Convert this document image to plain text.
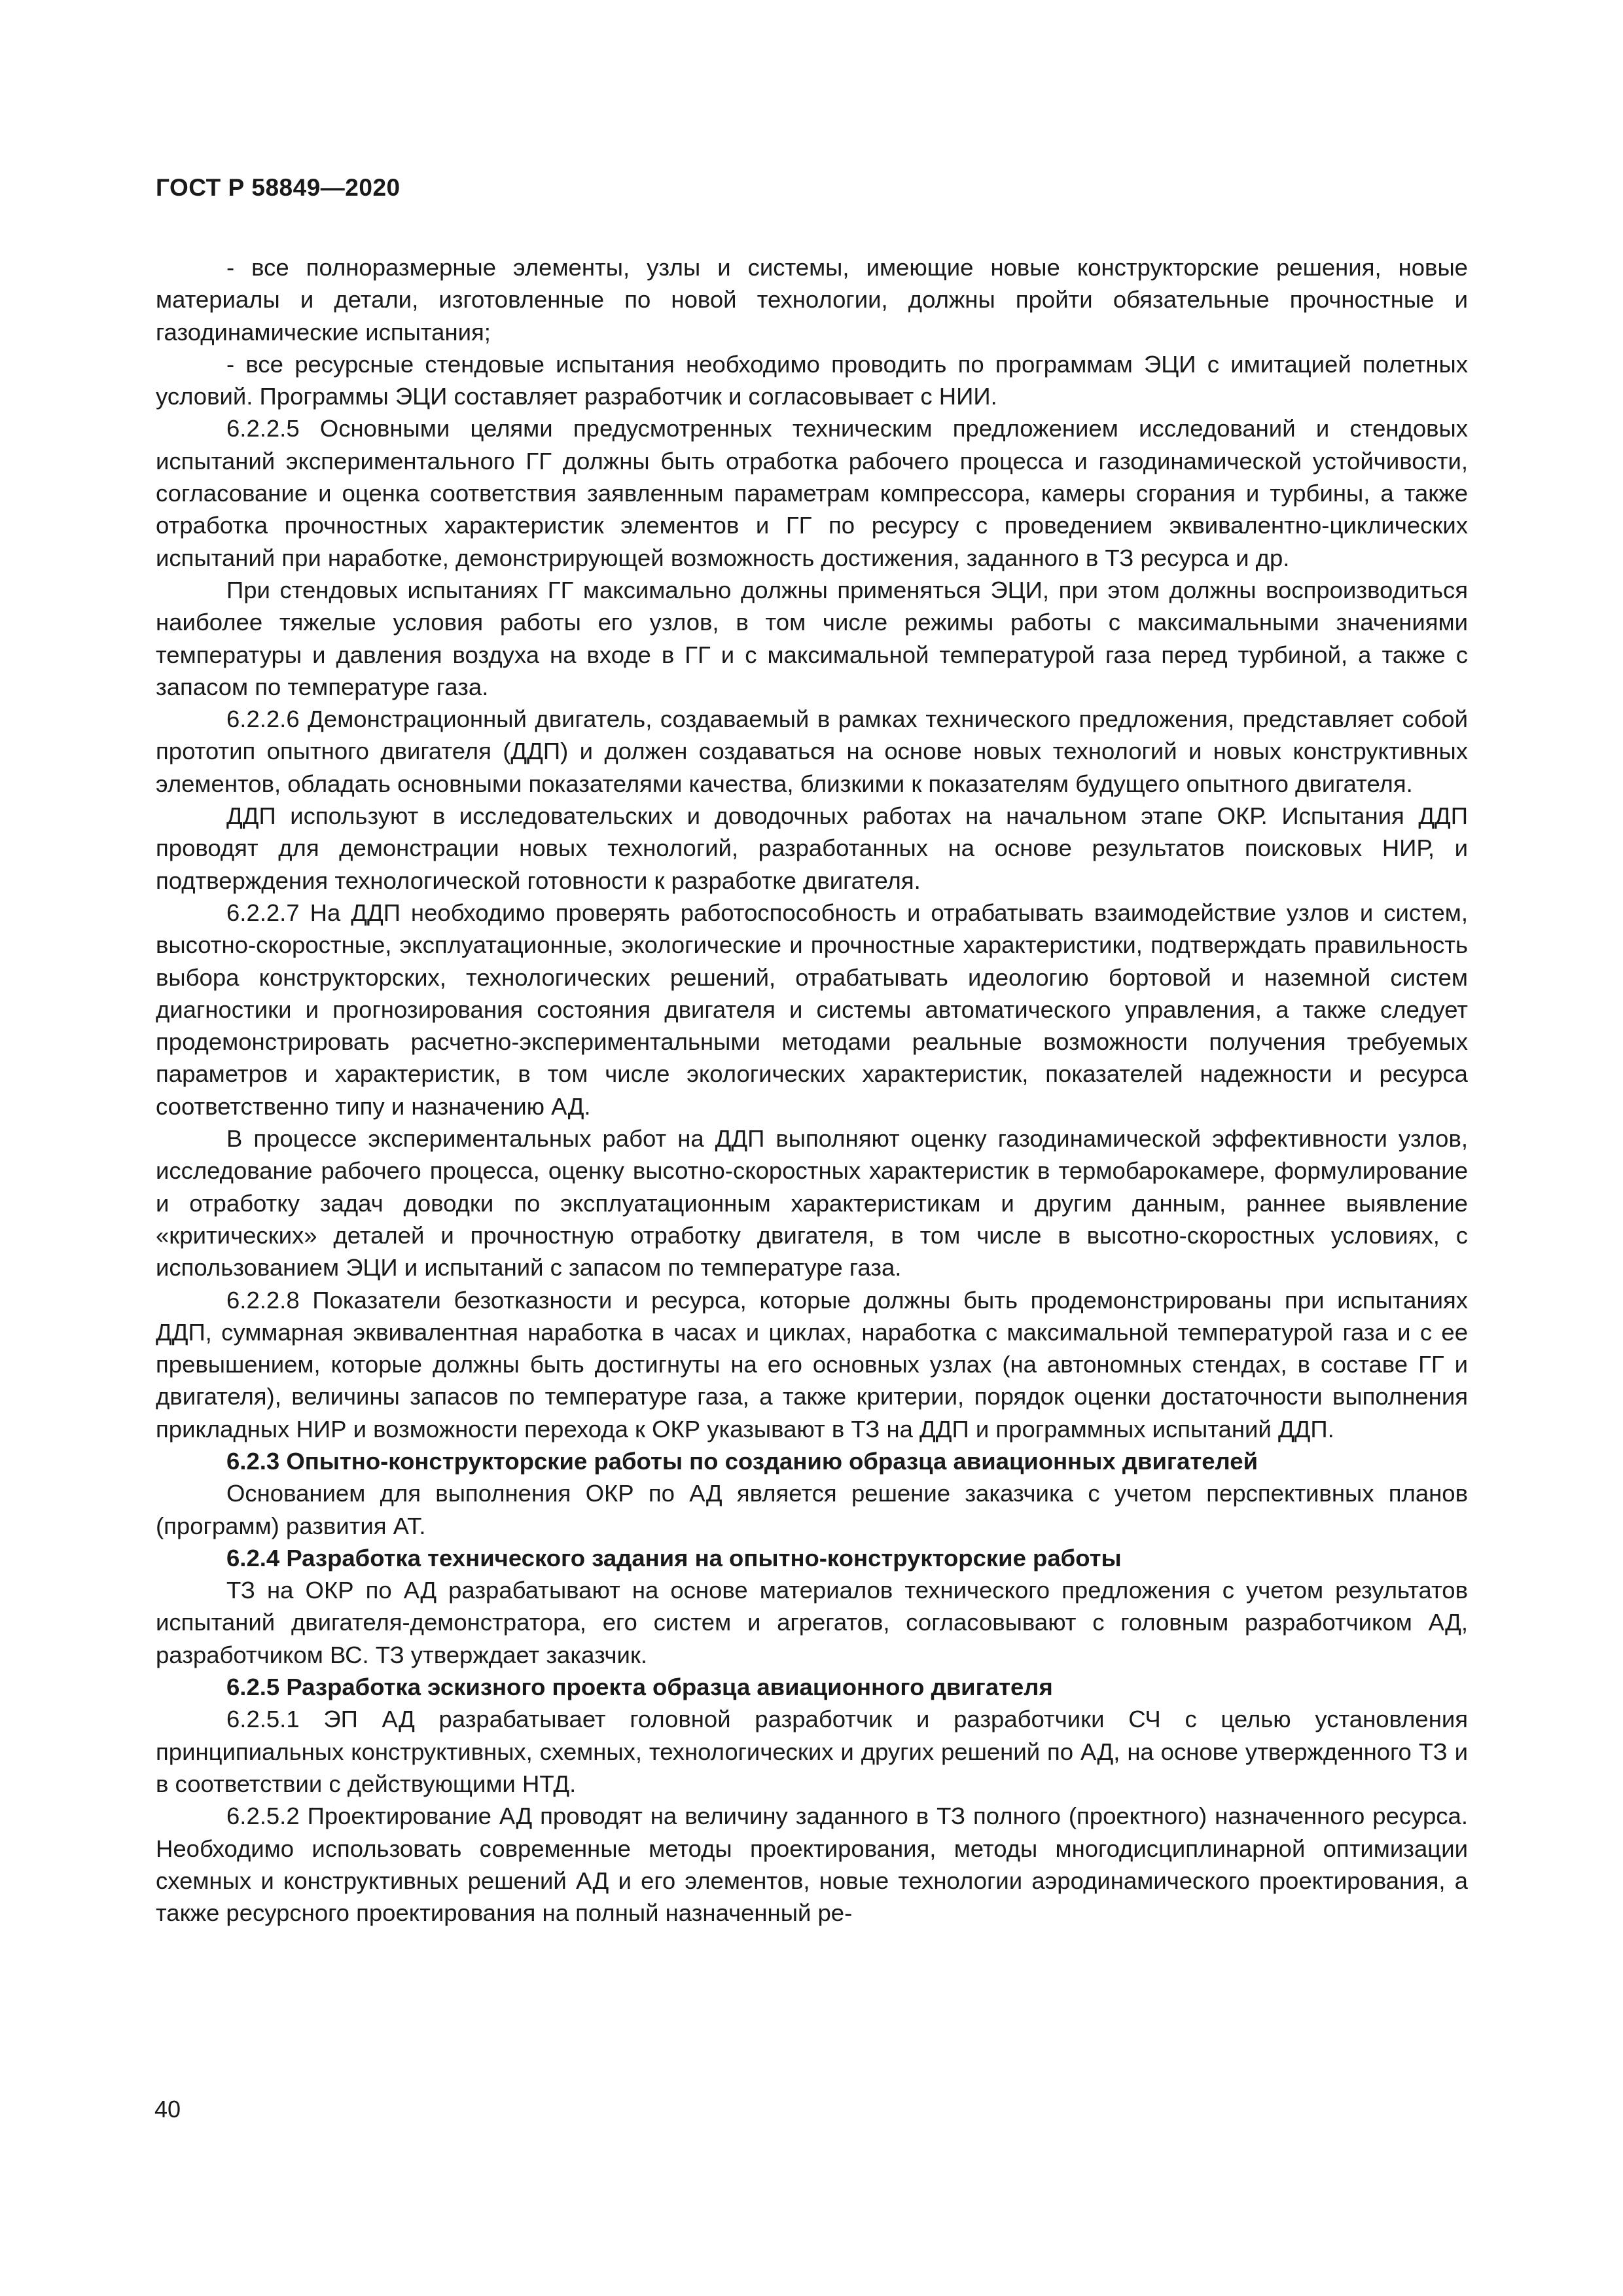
ГОСТ Р 58849—2020

- все полноразмерные элементы, узлы и системы, имеющие новые конструкторские решения, новые материалы и детали, изготовленные по новой технологии, должны пройти обязательные прочностные и газодинамические испытания;

- все ресурсные стендовые испытания необходимо проводить по программам ЭЦИ с имитацией полетных условий. Программы ЭЦИ составляет разработчик и согласовывает с НИИ.

6.2.2.5 Основными целями предусмотренных техническим предложением исследований и стендовых испытаний экспериментального ГГ должны быть отработка рабочего процесса и газодинамической устойчивости, согласование и оценка соответствия заявленным параметрам компрессора, камеры сгорания и турбины, а также отработка прочностных характеристик элементов и ГГ по ресурсу с проведением эквивалентно-циклических испытаний при наработке, демонстрирующей возможность достижения, заданного в ТЗ ресурса и др.

При стендовых испытаниях ГГ максимально должны применяться ЭЦИ, при этом должны воспроизводиться наиболее тяжелые условия работы его узлов, в том числе режимы работы с максимальными значениями температуры и давления воздуха на входе в ГГ и с максимальной температурой газа перед турбиной, а также с запасом по температуре газа.

6.2.2.6 Демонстрационный двигатель, создаваемый в рамках технического предложения, представляет собой прототип опытного двигателя (ДДП) и должен создаваться на основе новых технологий и новых конструктивных элементов, обладать основными показателями качества, близкими к показателям будущего опытного двигателя.

ДДП используют в исследовательских и доводочных работах на начальном этапе ОКР. Испытания ДДП проводят для демонстрации новых технологий, разработанных на основе результатов поисковых НИР, и подтверждения технологической готовности к разработке двигателя.

6.2.2.7 На ДДП необходимо проверять работоспособность и отрабатывать взаимодействие узлов и систем, высотно-скоростные, эксплуатационные, экологические и прочностные характеристики, подтверждать правильность выбора конструкторских, технологических решений, отрабатывать идеологию бортовой и наземной систем диагностики и прогнозирования состояния двигателя и системы автоматического управления, а также следует продемонстрировать расчетно-экспериментальными методами реальные возможности получения требуемых параметров и характеристик, в том числе экологических характеристик, показателей надежности и ресурса соответственно типу и назначению АД.

В процессе экспериментальных работ на ДДП выполняют оценку газодинамической эффективности узлов, исследование рабочего процесса, оценку высотно-скоростных характеристик в термобарокамере, формулирование и отработку задач доводки по эксплуатационным характеристикам и другим данным, раннее выявление «критических» деталей и прочностную отработку двигателя, в том числе в высотно-скоростных условиях, с использованием ЭЦИ и испытаний с запасом по температуре газа.

6.2.2.8 Показатели безотказности и ресурса, которые должны быть продемонстрированы при испытаниях ДДП, суммарная эквивалентная наработка в часах и циклах, наработка с максимальной температурой газа и с ее превышением, которые должны быть достигнуты на его основных узлах (на автономных стендах, в составе ГГ и двигателя), величины запасов по температуре газа, а также критерии, порядок оценки достаточности выполнения прикладных НИР и возможности перехода к ОКР указывают в ТЗ на ДДП и программных испытаний ДДП.

6.2.3 Опытно-конструкторские работы по созданию образца авиационных двигателей

Основанием для выполнения ОКР по АД является решение заказчика с учетом перспективных планов (программ) развития АТ.

6.2.4 Разработка технического задания на опытно-конструкторские работы

ТЗ на ОКР по АД разрабатывают на основе материалов технического предложения с учетом результатов испытаний двигателя-демонстратора, его систем и агрегатов, согласовывают с головным разработчиком АД, разработчиком ВС. ТЗ утверждает заказчик.

6.2.5 Разработка эскизного проекта образца авиационного двигателя

6.2.5.1 ЭП АД разрабатывает головной разработчик и разработчики СЧ с целью установления принципиальных конструктивных, схемных, технологических и других решений по АД, на основе утвержденного ТЗ и в соответствии с действующими НТД.

6.2.5.2 Проектирование АД проводят на величину заданного в ТЗ полного (проектного) назначенного ресурса. Необходимо использовать современные методы проектирования, методы многодисциплинарной оптимизации схемных и конструктивных решений АД и его элементов, новые технологии аэродинамического проектирования, а также ресурсного проектирования на полный назначенный ре-

40
